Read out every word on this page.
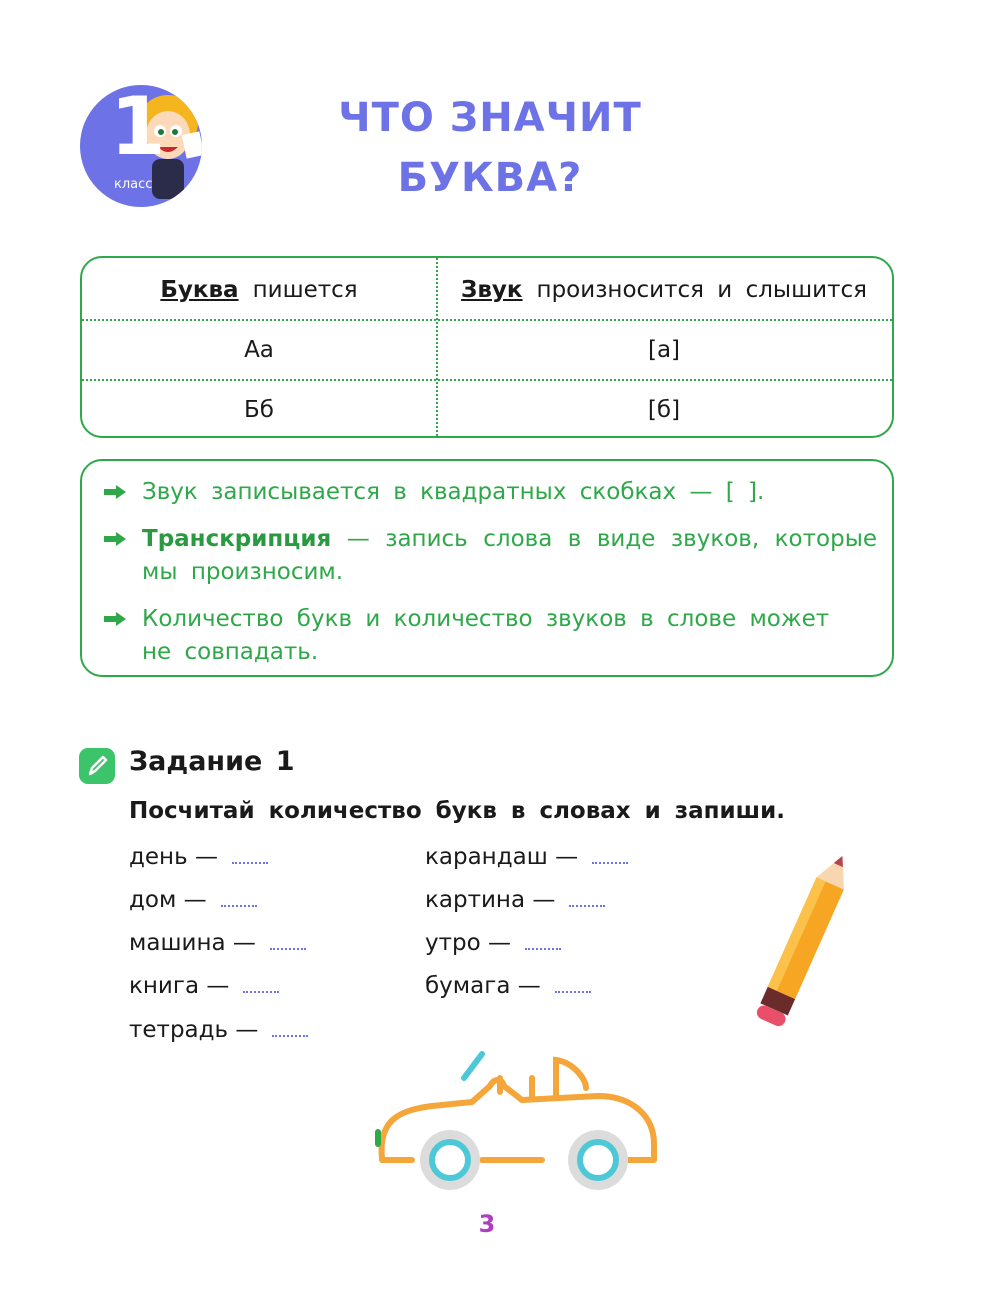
1
класс
ЧТО ЗНАЧИТ
БУКВА?
Буква пишется	Звук произносится и слышится
Аа	[а]
Бб	[б]
Звук записывается в квадратных скобках — [ ].
Транскрипция — запись слова в виде звуков, которые мы произносим.
Количество букв и количество звуков в слове может не совпадать.
Задание 1
Посчитай количество букв в словах и запиши.
день —
дом —
машина —
книга —
тетрадь —
карандаш —
картина —
утро —
бумага —
3
